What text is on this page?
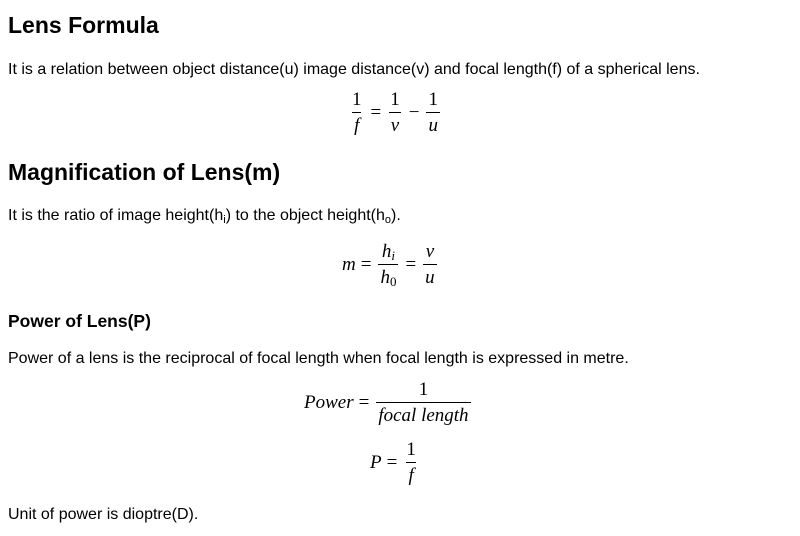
Lens Formula

It is a relation between object distance(u) image distance(v) and focal length(f) of a spherical lens.

$\frac{1}{f} = \frac{1}{v} - \frac{1}{u}$
Magnification of Lens(m)

It is the ratio of image $height(h_i)$ to the object $height(h_o)$.

$m = \frac{h_i}{h_0} = \frac{v}{u}$
Power of Lens(P)

Power of a lens is the reciprocal of focal length when focal length is expressed in metre.

Power = $\frac{1}{\text{focal length}}$
$P = \frac{1}{f}$

Unit of power is dioptre(D).
